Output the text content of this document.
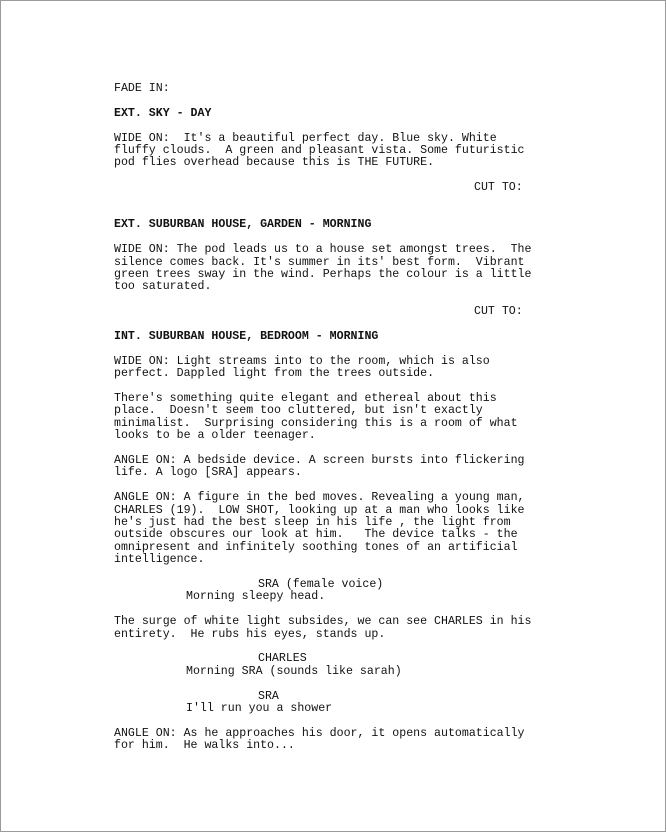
FADE IN:

EXT. SKY - DAY

WIDE ON:  It's a beautiful perfect day. Blue sky. White
fluffy clouds.  A green and pleasant vista. Some futuristic
pod flies overhead because this is THE FUTURE.

CUT TO:

EXT. SUBURBAN HOUSE, GARDEN - MORNING

WIDE ON: The pod leads us to a house set amongst trees.  The
silence comes back. It's summer in its' best form.  Vibrant
green trees sway in the wind. Perhaps the colour is a little
too saturated.

CUT TO:

INT. SUBURBAN HOUSE, BEDROOM - MORNING

WIDE ON: Light streams into to the room, which is also
perfect. Dappled light from the trees outside.

There's something quite elegant and ethereal about this
place.  Doesn't seem too cluttered, but isn't exactly
minimalist.  Surprising considering this is a room of what
looks to be a older teenager.

ANGLE ON: A bedside device. A screen bursts into flickering
life. A logo [SRA] appears.

ANGLE ON: A figure in the bed moves. Revealing a young man,
CHARLES (19).  LOW SHOT, looking up at a man who looks like
he's just had the best sleep in his life , the light from
outside obscures our look at him.   The device talks - the
omnipresent and infinitely soothing tones of an artificial
intelligence.

SRA (female voice)

Morning sleepy head.

The surge of white light subsides, we can see CHARLES in his
entirety.  He rubs his eyes, stands up.

CHARLES

Morning SRA (sounds like sarah)

SRA

I'll run you a shower

ANGLE ON: As he approaches his door, it opens automatically
for him.  He walks into...
